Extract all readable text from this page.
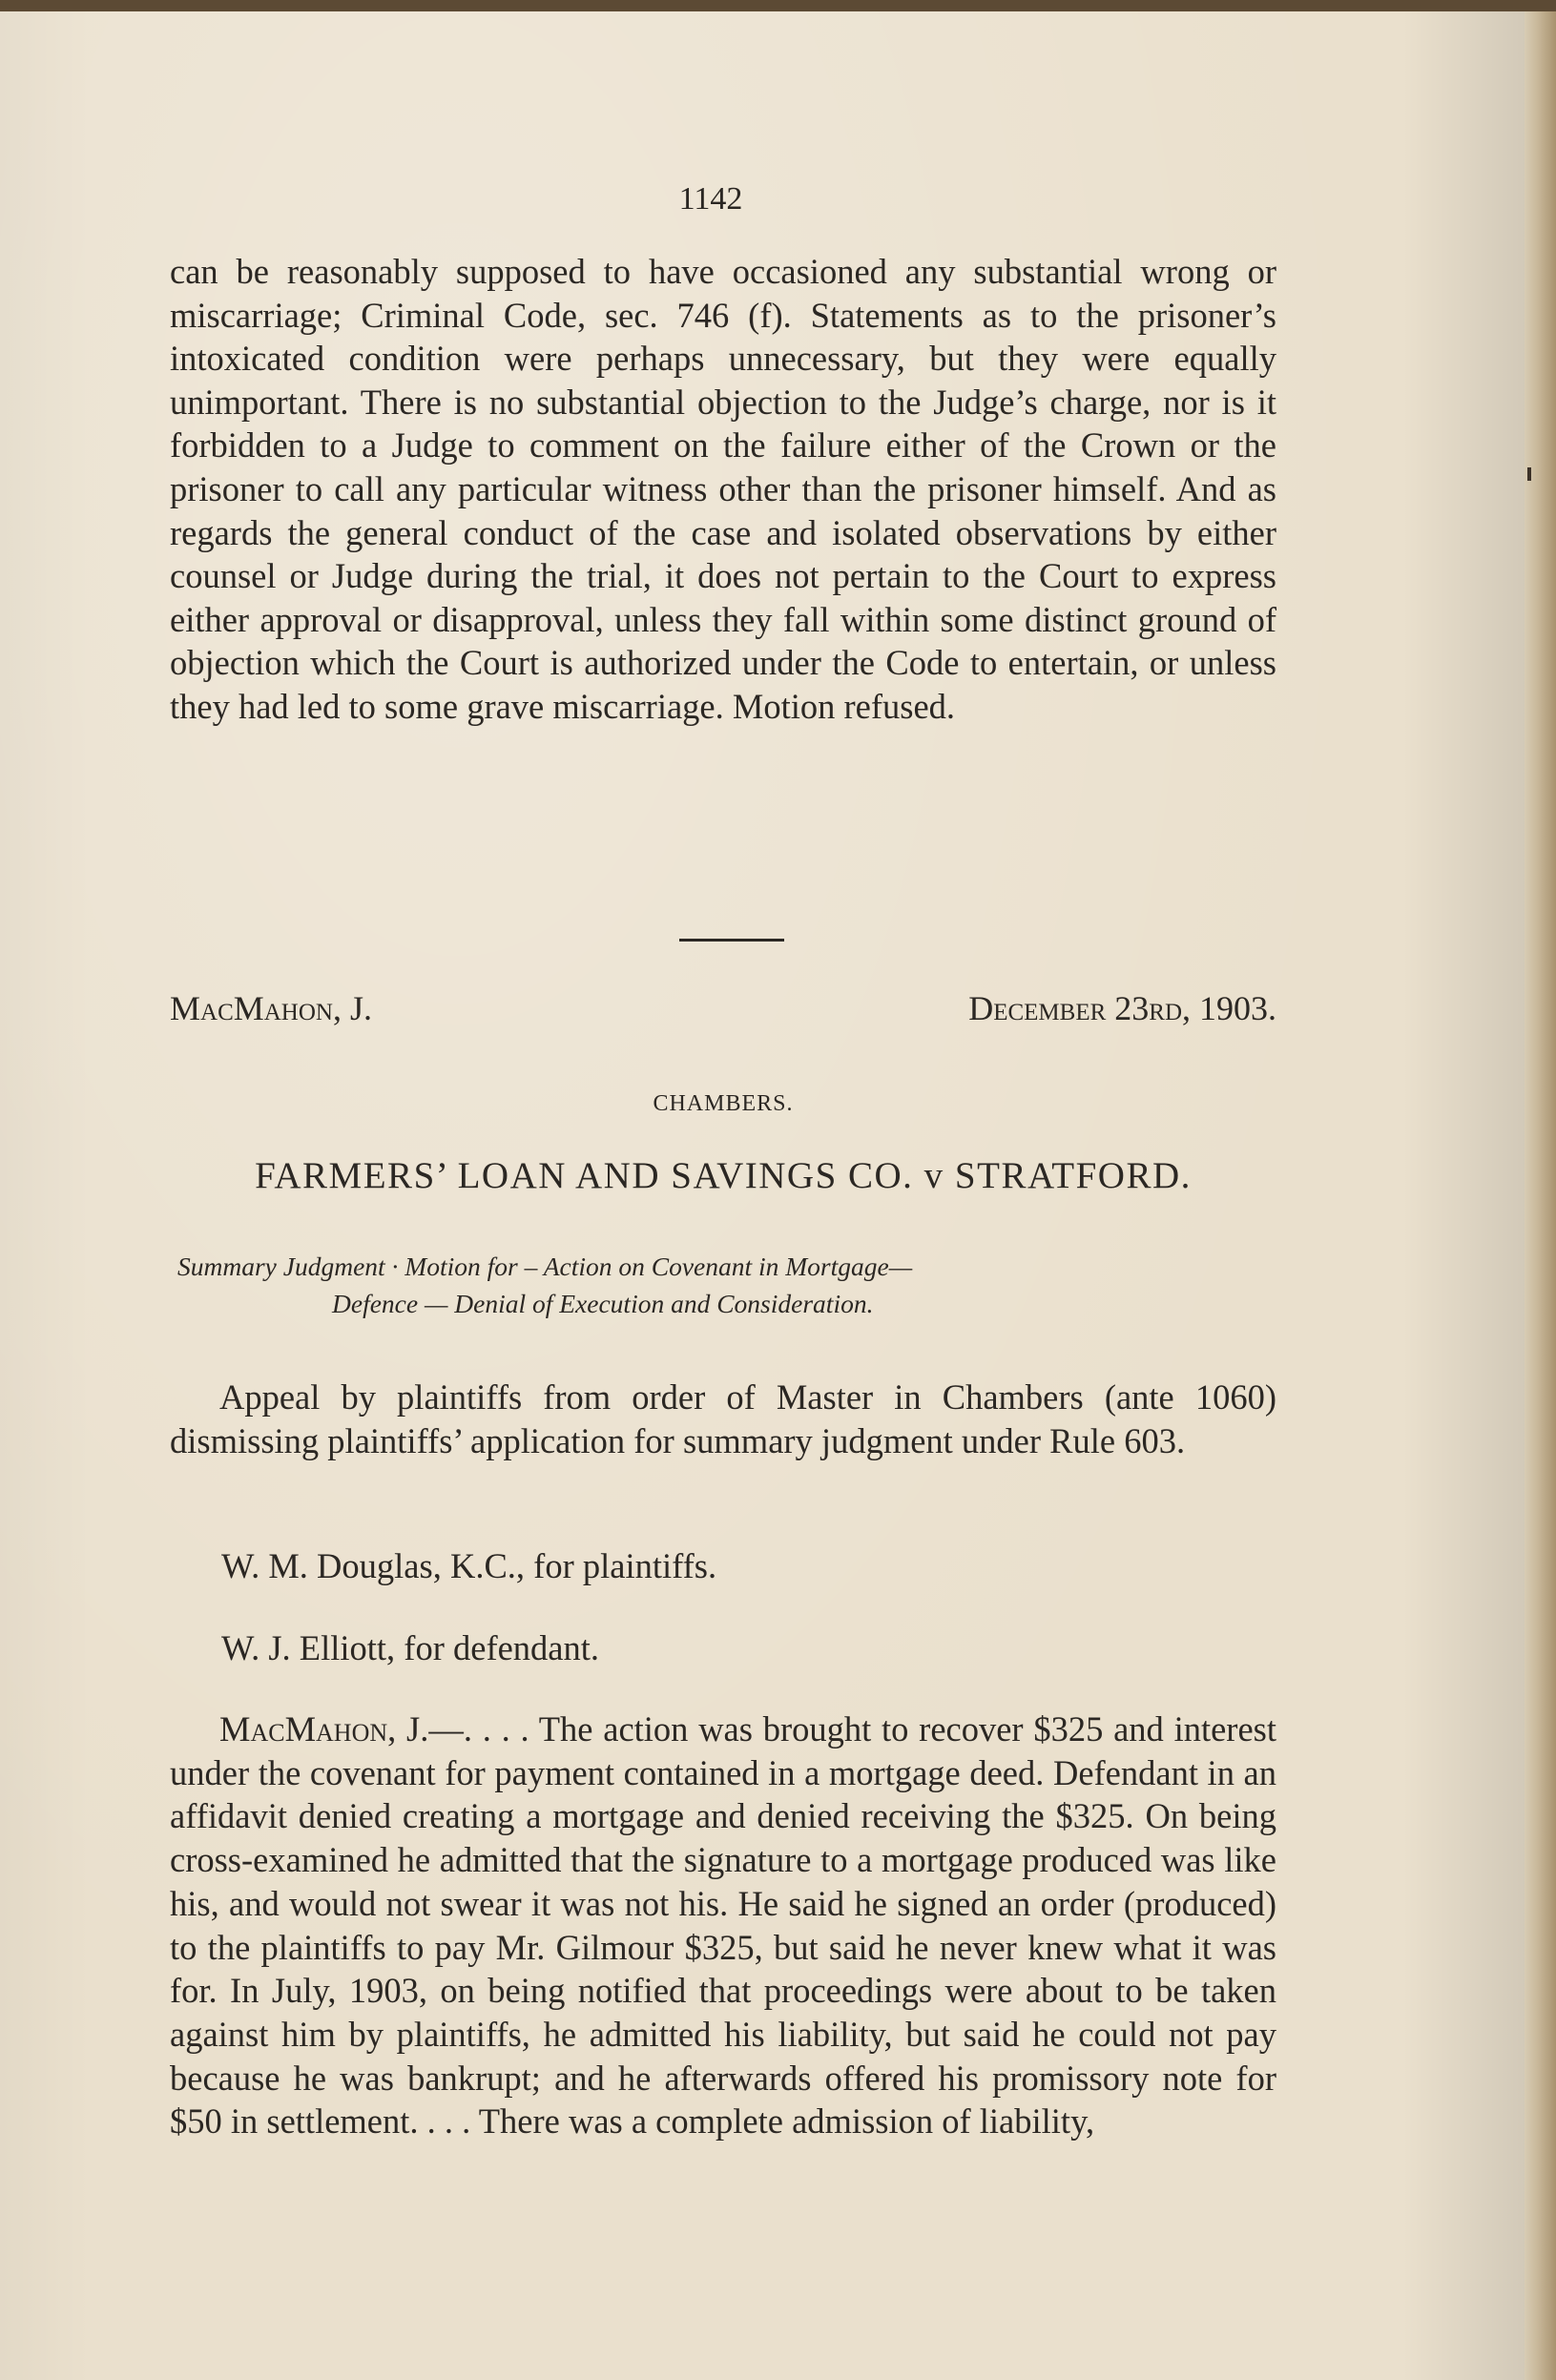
1142

can be reasonably supposed to have occasioned any substantial wrong or miscarriage; Criminal Code, sec. 746 (f). Statements as to the prisoner’s intoxicated condition were perhaps unnecessary, but they were equally unimportant. There is no substantial objection to the Judge’s charge, nor is it forbidden to a Judge to comment on the failure either of the Crown or the prisoner to call any particular witness other than the prisoner himself. And as regards the general conduct of the case and isolated observations by either counsel or Judge during the trial, it does not pertain to the Court to express either approval or disapproval, unless they fall within some distinct ground of objection which the Court is authorized under the Code to entertain, or unless they had led to some grave miscarriage. Motion refused.

MacMahon, J.	December 23rd, 1903.
CHAMBERS.
FARMERS’ LOAN AND SAVINGS CO. v STRATFORD.
Summary Judgment · Motion for – Action on Covenant in Mortgage—
Defence — Denial of Execution and Consideration.

Appeal by plaintiffs from order of Master in Chambers (ante 1060) dismissing plaintiffs’ application for summary judgment under Rule 603.

W. M. Douglas, K.C., for plaintiffs.
W. J. Elliott, for defendant.

MacMahon, J.—. . . . The action was brought to recover $325 and interest under the covenant for payment contained in a mortgage deed. Defendant in an affidavit denied creating a mortgage and denied receiving the $325. On being cross-examined he admitted that the signature to a mortgage produced was like his, and would not swear it was not his. He said he signed an order (produced) to the plaintiffs to pay Mr. Gilmour $325, but said he never knew what it was for. In July, 1903, on being notified that proceedings were about to be taken against him by plaintiffs, he admitted his liability, but said he could not pay because he was bankrupt; and he afterwards offered his promissory note for $50 in settlement. . . . There was a complete admission of liability,
